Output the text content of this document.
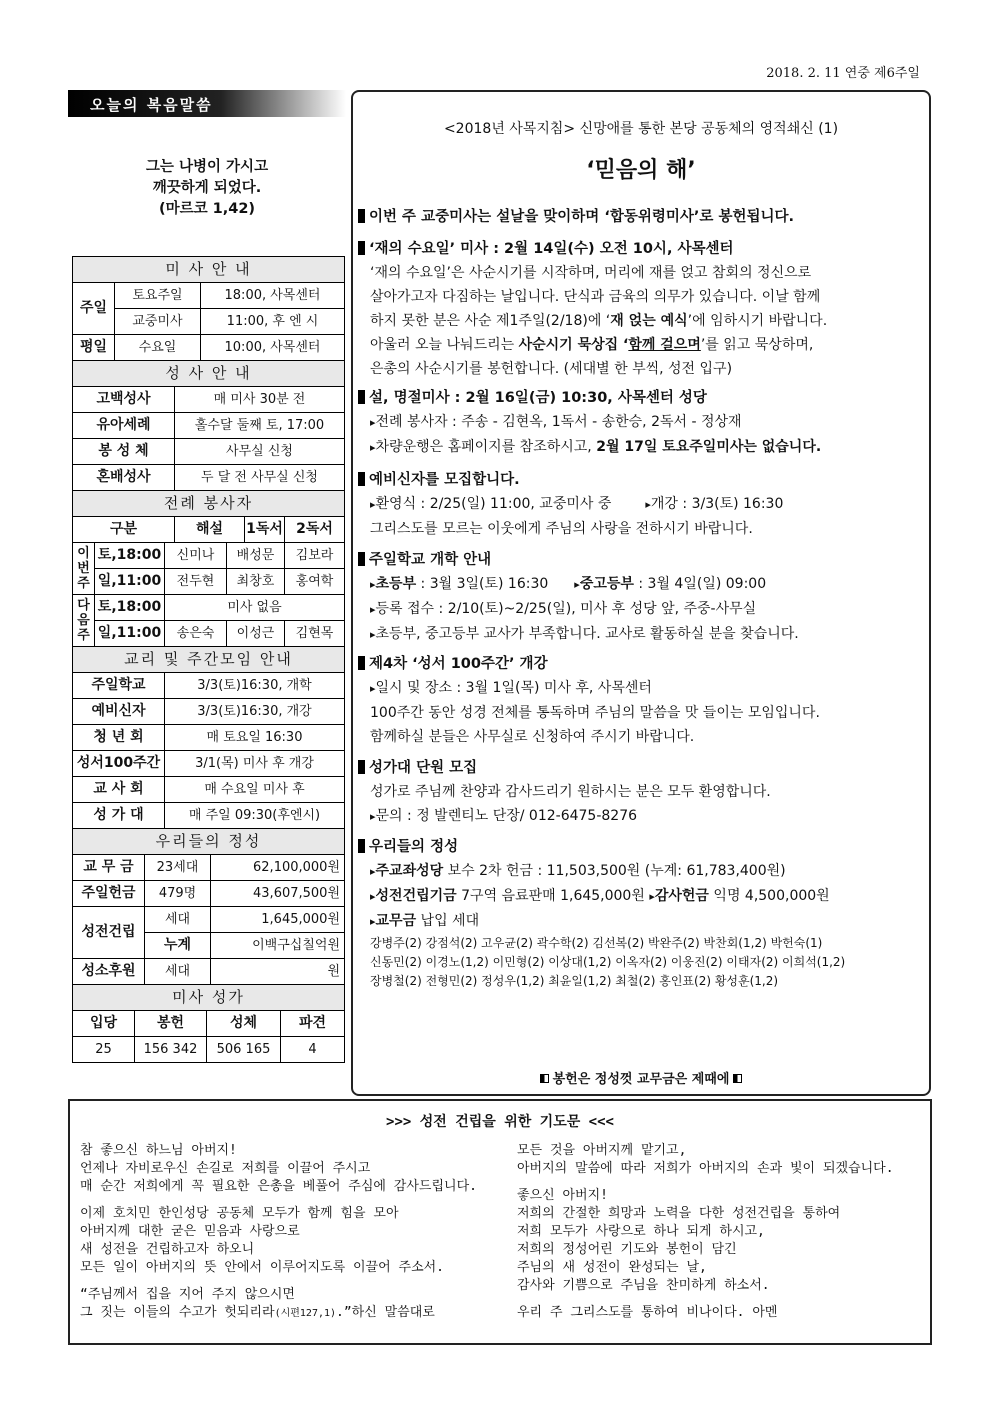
2018. 2. 11 연중 제6주일
오늘의 복음말씀
그는 나병이 가시고
깨끗하게 되었다.
(마르코 1,42)
미 사 안 내					
주일	토요주일		18:00, 사목센터		
	교중미사		11:00, 후 엔 시		
평일	수요일		10:00, 사목센터		
성 사 안 내					
고백성사		매 미사 30분 전			
유아세례		홀수달 둘째 토, 17:00			
봉 성 체		사무실 신청			
혼배성사		두 달 전 사무실 신청			
전례 봉사자					
구분		해설		1독서	2독서
이번주	토,18:00	신미나	배성문	김보라
	일,11:00	전두현	최창호	홍여학
다음주	토,18:00	미사 없음		
	일,11:00	송은숙	이성근	김현목
교리 및 주간모임 안내	
주일학교	3/3(토)16:30, 개학
예비신자	3/3(토)16:30, 개강
청 년 회	매 토요일 16:30
성서100주간	3/1(목) 미사 후 개강
교 사 회	매 수요일 미사 후
성 가 대	매 주일 09:30(후엔시)
우리들의 정성		
교 무 금	23세대	62,100,000원
주일헌금	479명	43,607,500원
성전건립	세대	1,645,000원
	누계	이백구십칠억원
성소후원	세대	원
미사 성가			
입당	봉헌	성체	파견
25	156 342	506 165	4
<2018년 사목지침> 신망애를 통한 본당 공동체의 영적쇄신 (1)
‘믿음의 해’
이번 주 교중미사는 설날을 맞이하며 ‘합동위령미사’로 봉헌됩니다.
‘재의 수요일’ 미사 : 2월 14일(수) 오전 10시, 사목센터
‘재의 수요일’은 사순시기를 시작하며, 머리에 재를 얹고 참회의 정신으로
살아가고자 다짐하는 날입니다. 단식과 금육의 의무가 있습니다. 이날 함께
하지 못한 분은 사순 제1주일(2/18)에 ‘재 얹는 예식’에 임하시기 바랍니다.
아울러 오늘 나눠드리는 사순시기 묵상집 ‘함께 걸으며’를 읽고 묵상하며,
은총의 사순시기를 봉헌합니다. (세대별 한 부씩, 성전 입구)
설, 명절미사 : 2월 16일(금) 10:30, 사목센터 성당
▸ 전례 봉사자 : 주송 - 김현옥, 1독서 - 송한승, 2독서 - 정상재
▸ 차량운행은 홈페이지를 참조하시고, 2월 17일 토요주일미사는 없습니다.
예비신자를 모집합니다.
▸ 환영식 : 2/25(일) 11:00, 교중미사 중	▸ 개강 : 3/3(토) 16:30
그리스도를 모르는 이웃에게 주님의 사랑을 전하시기 바랍니다.
주일학교 개학 안내
▸ 초등부 : 3월 3일(토) 16:30 ▸ 중고등부 : 3월 4일(일) 09:00
▸ 등록 접수 : 2/10(토)~2/25(일), 미사 후 성당 앞, 주중-사무실
▸ 초등부, 중고등부 교사가 부족합니다. 교사로 활동하실 분을 찾습니다.
제4차 ‘성서 100주간’ 개강
▸ 일시 및 장소 : 3월 1일(목) 미사 후, 사목센터
100주간 동안 성경 전체를 통독하며 주님의 말씀을 맛 들이는 모임입니다.
함께하실 분들은 사무실로 신청하여 주시기 바랍니다.
성가대 단원 모집
성가로 주님께 찬양과 감사드리기 원하시는 분은 모두 환영합니다.
▸ 문의 : 정 발렌티노 단장/ 012-6475-8276
우리들의 정성
▸ 주교좌성당 보수 2차 헌금 : 11,503,500원 (누계: 61,783,400원)
▸ 성전건립기금 7구역 음료판매 1,645,000원 ▸ 감사헌금 익명 4,500,000원
▸ 교무금 납입 세대
강병주(2) 강점석(2) 고우균(2) 곽수학(2) 김선복(2) 박완주(2) 박찬회(1,2) 박헌숙(1)
신동민(2) 이경노(1,2) 이민형(2) 이상대(1,2) 이옥자(2) 이웅진(2) 이태자(2) 이희석(1,2)
장병철(2) 전형민(2) 정성우(1,2) 최윤일(1,2) 최철(2) 홍인표(2) 황성훈(1,2)
봉헌은 정성껏 교무금은 제때에
>>> 성전 건립을 위한 기도문 <<<
참 좋으신 하느님 아버지!
언제나 자비로우신 손길로 저희를 이끌어 주시고
매 순간 저희에게 꼭 필요한 은총을 베풀어 주심에 감사드립니다.
이제 호치민 한인성당 공동체 모두가 함께 힘을 모아
아버지께 대한 굳은 믿음과 사랑으로
새 성전을 건립하고자 하오니
모든 일이 아버지의 뜻 안에서 이루어지도록 이끌어 주소서.
“주님께서 집을 지어 주지 않으시면
그 짓는 이들의 수고가 헛되리라(시편127,1).”하신 말씀대로
모든 것을 아버지께 맡기고,
아버지의 말씀에 따라 저희가 아버지의 손과 빛이 되겠습니다.
좋으신 아버지!
저희의 간절한 희망과 노력을 다한 성전건립을 통하여
저희 모두가 사랑으로 하나 되게 하시고,
저희의 정성어린 기도와 봉헌이 담긴
주님의 새 성전이 완성되는 날,
감사와 기쁨으로 주님을 찬미하게 하소서.
우리 주 그리스도를 통하여 비나이다. 아멘
